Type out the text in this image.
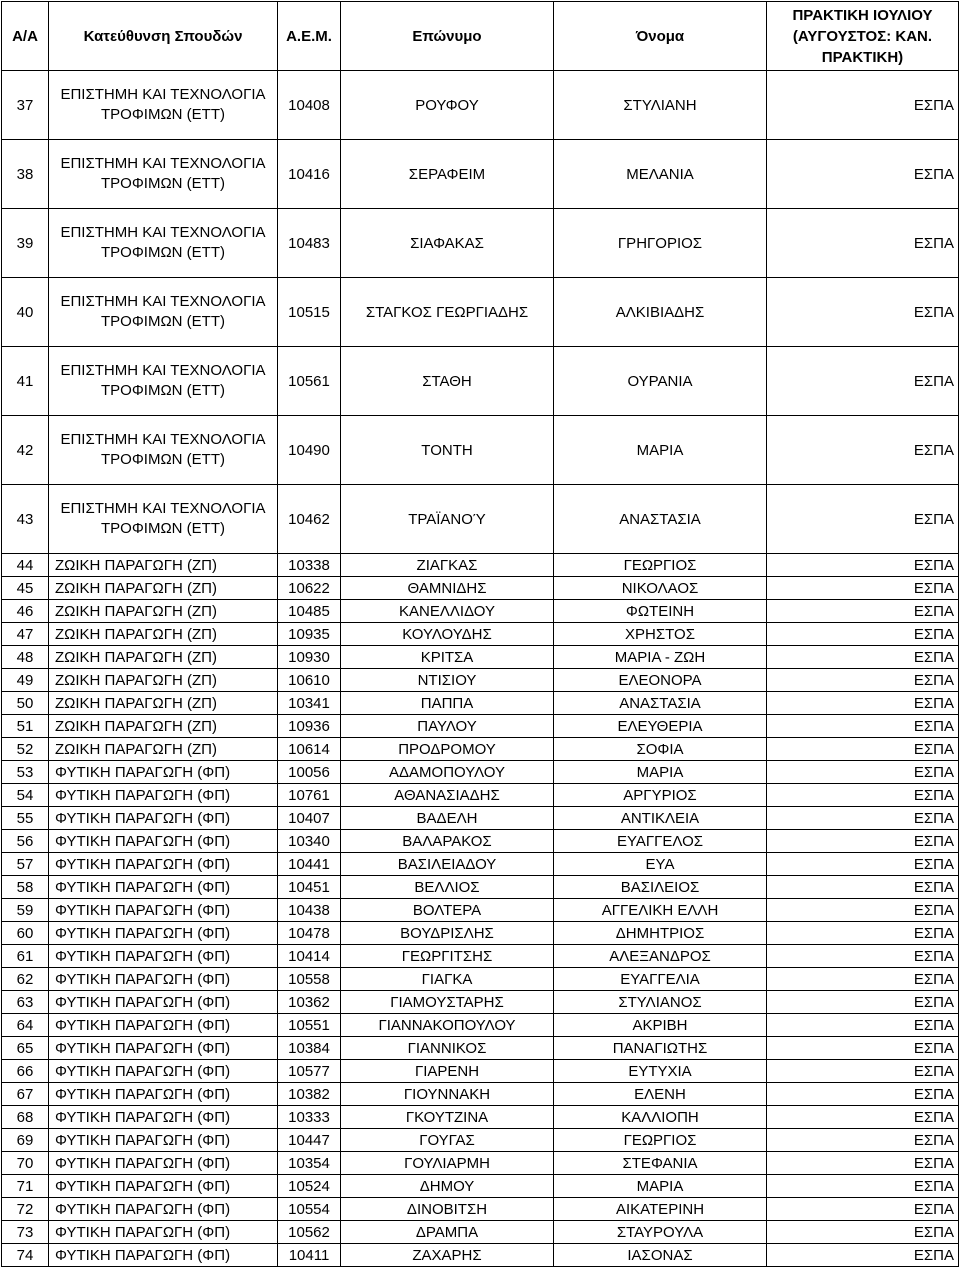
Α/Α	Κατεύθυνση Σπουδών	Α.Ε.Μ.	Επώνυμο	Όνομα	ΠΡΑΚΤΙΚΗ ΙΟΥΛΙΟΥ (ΑΥΓΟΥΣΤΟΣ: ΚΑΝ. ΠΡΑΚΤΙΚΗ)
37	ΕΠΙΣΤΗΜΗ ΚΑΙ ΤΕΧΝΟΛΟΓΙΑ ΤΡΟΦΙΜΩΝ (ΕΤΤ)	10408	ΡΟΥΦΟΥ	ΣΤΥΛΙΑΝΗ	ΕΣΠΑ
38	ΕΠΙΣΤΗΜΗ ΚΑΙ ΤΕΧΝΟΛΟΓΙΑ ΤΡΟΦΙΜΩΝ (ΕΤΤ)	10416	ΣΕΡΑΦΕΙΜ	ΜΕΛΑΝΙΑ	ΕΣΠΑ
39	ΕΠΙΣΤΗΜΗ ΚΑΙ ΤΕΧΝΟΛΟΓΙΑ ΤΡΟΦΙΜΩΝ (ΕΤΤ)	10483	ΣΙΑΦΑΚΑΣ	ΓΡΗΓΟΡΙΟΣ	ΕΣΠΑ
40	ΕΠΙΣΤΗΜΗ ΚΑΙ ΤΕΧΝΟΛΟΓΙΑ ΤΡΟΦΙΜΩΝ (ΕΤΤ)	10515	ΣΤΑΓΚΟΣ ΓΕΩΡΓΙΑΔΗΣ	ΑΛΚΙΒΙΑΔΗΣ	ΕΣΠΑ
41	ΕΠΙΣΤΗΜΗ ΚΑΙ ΤΕΧΝΟΛΟΓΙΑ ΤΡΟΦΙΜΩΝ (ΕΤΤ)	10561	ΣΤΑΘΗ	ΟΥΡΑΝΙΑ	ΕΣΠΑ
42	ΕΠΙΣΤΗΜΗ ΚΑΙ ΤΕΧΝΟΛΟΓΙΑ ΤΡΟΦΙΜΩΝ (ΕΤΤ)	10490	ΤΟΝΤΗ	ΜΑΡΙΑ	ΕΣΠΑ
43	ΕΠΙΣΤΗΜΗ ΚΑΙ ΤΕΧΝΟΛΟΓΙΑ ΤΡΟΦΙΜΩΝ (ΕΤΤ)	10462	ΤΡΑΪΑΝΟΎ	ΑΝΑΣΤΑΣΙΑ	ΕΣΠΑ
44	ΖΩΙΚΗ ΠΑΡΑΓΩΓΗ (ΖΠ)	10338	ΖΙΑΓΚΑΣ	ΓΕΩΡΓΙΟΣ	ΕΣΠΑ
45	ΖΩΙΚΗ ΠΑΡΑΓΩΓΗ (ΖΠ)	10622	ΘΑΜΝΙΔΗΣ	ΝΙΚΟΛΑΟΣ	ΕΣΠΑ
46	ΖΩΙΚΗ ΠΑΡΑΓΩΓΗ (ΖΠ)	10485	ΚΑΝΕΛΛΙΔΟΥ	ΦΩΤΕΙΝΗ	ΕΣΠΑ
47	ΖΩΙΚΗ ΠΑΡΑΓΩΓΗ (ΖΠ)	10935	ΚΟΥΛΟΥΔΗΣ	ΧΡΗΣΤΟΣ	ΕΣΠΑ
48	ΖΩΙΚΗ ΠΑΡΑΓΩΓΗ (ΖΠ)	10930	ΚΡΙΤΣΑ	ΜΑΡΙΑ - ΖΩΗ	ΕΣΠΑ
49	ΖΩΙΚΗ ΠΑΡΑΓΩΓΗ (ΖΠ)	10610	ΝΤΙΣΙΟΥ	ΕΛΕΟΝΟΡΑ	ΕΣΠΑ
50	ΖΩΙΚΗ ΠΑΡΑΓΩΓΗ (ΖΠ)	10341	ΠΑΠΠΑ	ΑΝΑΣΤΑΣΙΑ	ΕΣΠΑ
51	ΖΩΙΚΗ ΠΑΡΑΓΩΓΗ (ΖΠ)	10936	ΠΑΥΛΟΥ	ΕΛΕΥΘΕΡΙΑ	ΕΣΠΑ
52	ΖΩΙΚΗ ΠΑΡΑΓΩΓΗ (ΖΠ)	10614	ΠΡΟΔΡΟΜΟΥ	ΣΟΦΙΑ	ΕΣΠΑ
53	ΦΥΤΙΚΗ ΠΑΡΑΓΩΓΗ (ΦΠ)	10056	ΑΔΑΜΟΠΟΥΛΟΥ	ΜΑΡΙΑ	ΕΣΠΑ
54	ΦΥΤΙΚΗ ΠΑΡΑΓΩΓΗ (ΦΠ)	10761	ΑΘΑΝΑΣΙΑΔΗΣ	ΑΡΓΥΡΙΟΣ	ΕΣΠΑ
55	ΦΥΤΙΚΗ ΠΑΡΑΓΩΓΗ (ΦΠ)	10407	ΒΑΔΕΛΗ	ΑΝΤΙΚΛΕΙΑ	ΕΣΠΑ
56	ΦΥΤΙΚΗ ΠΑΡΑΓΩΓΗ (ΦΠ)	10340	ΒΑΛΑΡΑΚΟΣ	ΕΥΑΓΓΕΛΟΣ	ΕΣΠΑ
57	ΦΥΤΙΚΗ ΠΑΡΑΓΩΓΗ (ΦΠ)	10441	ΒΑΣΙΛΕΙΑΔΟΥ	ΕΥΑ	ΕΣΠΑ
58	ΦΥΤΙΚΗ ΠΑΡΑΓΩΓΗ (ΦΠ)	10451	ΒΕΛΛΙΟΣ	ΒΑΣΙΛΕΙΟΣ	ΕΣΠΑ
59	ΦΥΤΙΚΗ ΠΑΡΑΓΩΓΗ (ΦΠ)	10438	ΒΟΛΤΕΡΑ	ΑΓΓΕΛΙΚΗ ΕΛΛΗ	ΕΣΠΑ
60	ΦΥΤΙΚΗ ΠΑΡΑΓΩΓΗ (ΦΠ)	10478	ΒΟΥΔΡΙΣΛΗΣ	ΔΗΜΗΤΡΙΟΣ	ΕΣΠΑ
61	ΦΥΤΙΚΗ ΠΑΡΑΓΩΓΗ (ΦΠ)	10414	ΓΕΩΡΓΙΤΣΗΣ	ΑΛΕΞΑΝΔΡΟΣ	ΕΣΠΑ
62	ΦΥΤΙΚΗ ΠΑΡΑΓΩΓΗ (ΦΠ)	10558	ΓΙΑΓΚΑ	ΕΥΑΓΓΕΛΙΑ	ΕΣΠΑ
63	ΦΥΤΙΚΗ ΠΑΡΑΓΩΓΗ (ΦΠ)	10362	ΓΙΑΜΟΥΣΤΑΡΗΣ	ΣΤΥΛΙΑΝΟΣ	ΕΣΠΑ
64	ΦΥΤΙΚΗ ΠΑΡΑΓΩΓΗ (ΦΠ)	10551	ΓΙΑΝΝΑΚΟΠΟΥΛΟΥ	ΑΚΡΙΒΗ	ΕΣΠΑ
65	ΦΥΤΙΚΗ ΠΑΡΑΓΩΓΗ (ΦΠ)	10384	ΓΙΑΝΝΙΚΟΣ	ΠΑΝΑΓΙΩΤΗΣ	ΕΣΠΑ
66	ΦΥΤΙΚΗ ΠΑΡΑΓΩΓΗ (ΦΠ)	10577	ΓΙΑΡΕΝΗ	ΕΥΤΥΧΙΑ	ΕΣΠΑ
67	ΦΥΤΙΚΗ ΠΑΡΑΓΩΓΗ (ΦΠ)	10382	ΓΙΟΥΝΝΑΚΗ	ΕΛΕΝΗ	ΕΣΠΑ
68	ΦΥΤΙΚΗ ΠΑΡΑΓΩΓΗ (ΦΠ)	10333	ΓΚΟΥΤΖΙΝΑ	ΚΑΛΛΙΟΠΗ	ΕΣΠΑ
69	ΦΥΤΙΚΗ ΠΑΡΑΓΩΓΗ (ΦΠ)	10447	ΓΟΥΓΑΣ	ΓΕΩΡΓΙΟΣ	ΕΣΠΑ
70	ΦΥΤΙΚΗ ΠΑΡΑΓΩΓΗ (ΦΠ)	10354	ΓΟΥΛΙΑΡΜΗ	ΣΤΕΦΑΝΙΑ	ΕΣΠΑ
71	ΦΥΤΙΚΗ ΠΑΡΑΓΩΓΗ (ΦΠ)	10524	ΔΗΜΟΥ	ΜΑΡΙΑ	ΕΣΠΑ
72	ΦΥΤΙΚΗ ΠΑΡΑΓΩΓΗ (ΦΠ)	10554	ΔΙΝΟΒΙΤΣΗ	ΑΙΚΑΤΕΡΙΝΗ	ΕΣΠΑ
73	ΦΥΤΙΚΗ ΠΑΡΑΓΩΓΗ (ΦΠ)	10562	ΔΡΑΜΠΑ	ΣΤΑΥΡΟΥΛΑ	ΕΣΠΑ
74	ΦΥΤΙΚΗ ΠΑΡΑΓΩΓΗ (ΦΠ)	10411	ΖΑΧΑΡΗΣ	ΙΑΣΟΝΑΣ	ΕΣΠΑ
